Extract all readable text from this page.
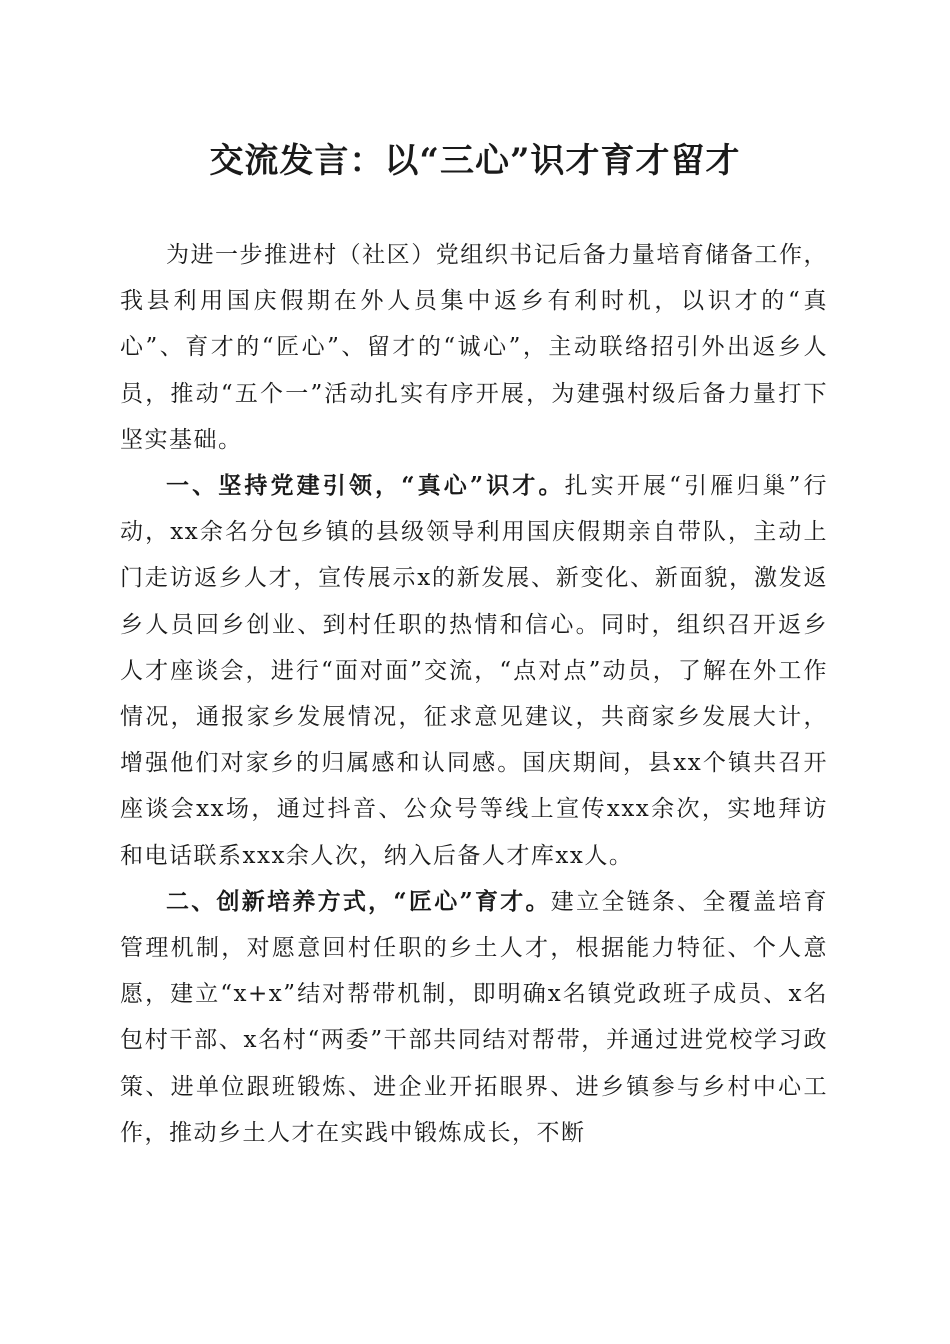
交流发言：以“三心”识才育才留才

为进一步推进村（社区）党组织书记后备力量培育储备工作，我县利用国庆假期在外人员集中返乡有利时机，以识才的“真心”、育才的“匠心”、留才的“诚心”，主动联络招引外出返乡人员，推动“五个一”活动扎实有序开展，为建强村级后备力量打下坚实基础。

一、坚持党建引领，“真心”识才。扎实开展“引雁归巢”行动，xx余名分包乡镇的县级领导利用国庆假期亲自带队，主动上门走访返乡人才，宣传展示x的新发展、新变化、新面貌，激发返乡人员回乡创业、到村任职的热情和信心。同时，组织召开返乡人才座谈会，进行“面对面”交流，“点对点”动员，了解在外工作情况，通报家乡发展情况，征求意见建议，共商家乡发展大计，增强他们对家乡的归属感和认同感。国庆期间，县xx个镇共召开座谈会xx场，通过抖音、公众号等线上宣传xxx余次，实地拜访和电话联系xxx余人次，纳入后备人才库xx人。

二、创新培养方式，“匠心”育才。建立全链条、全覆盖培育管理机制，对愿意回村任职的乡土人才，根据能力特征、个人意愿，建立“x+x”结对帮带机制，即明确x名镇党政班子成员、x名包村干部、x名村“两委”干部共同结对帮带，并通过进党校学习政策、进单位跟班锻炼、进企业开拓眼界、进乡镇参与乡村中心工作，推动乡土人才在实践中锻炼成长，不断
